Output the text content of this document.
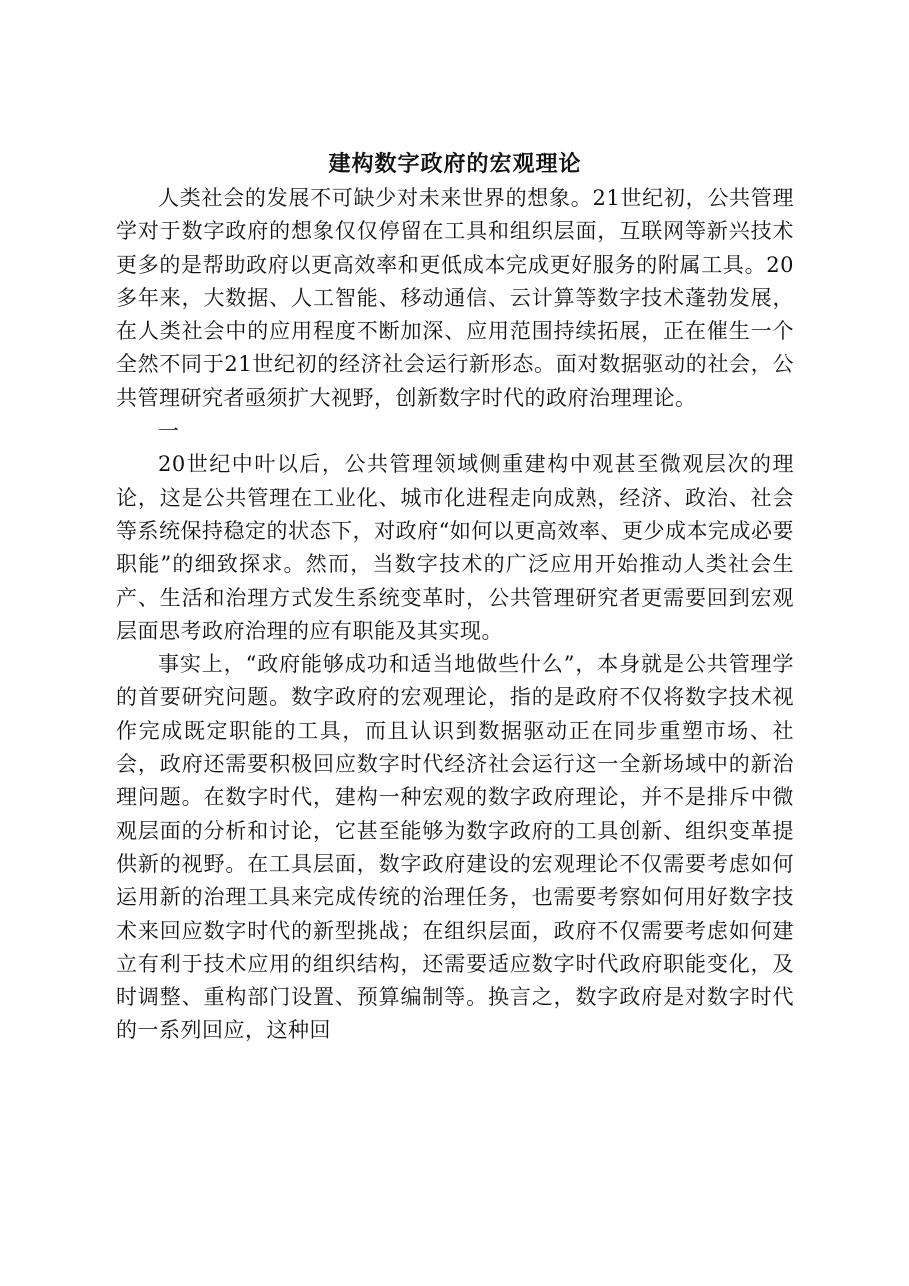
建构数字政府的宏观理论

人类社会的发展不可缺少对未来世界的想象。21世纪初，公共管理学对于数字政府的想象仅仅停留在工具和组织层面，互联网等新兴技术更多的是帮助政府以更高效率和更低成本完成更好服务的附属工具。20多年来，大数据、人工智能、移动通信、云计算等数字技术蓬勃发展，在人类社会中的应用程度不断加深、应用范围持续拓展，正在催生一个全然不同于21世纪初的经济社会运行新形态。面对数据驱动的社会，公共管理研究者亟须扩大视野，创新数字时代的政府治理理论。

一

20世纪中叶以后，公共管理领域侧重建构中观甚至微观层次的理论，这是公共管理在工业化、城市化进程走向成熟，经济、政治、社会等系统保持稳定的状态下，对政府“如何以更高效率、更少成本完成必要职能”的细致探求。然而，当数字技术的广泛应用开始推动人类社会生产、生活和治理方式发生系统变革时，公共管理研究者更需要回到宏观层面思考政府治理的应有职能及其实现。

事实上，“政府能够成功和适当地做些什么”，本身就是公共管理学的首要研究问题。数字政府的宏观理论，指的是政府不仅将数字技术视作完成既定职能的工具，而且认识到数据驱动正在同步重塑市场、社会，政府还需要积极回应数字时代经济社会运行这一全新场域中的新治理问题。在数字时代，建构一种宏观的数字政府理论，并不是排斥中微观层面的分析和讨论，它甚至能够为数字政府的工具创新、组织变革提供新的视野。在工具层面，数字政府建设的宏观理论不仅需要考虑如何运用新的治理工具来完成传统的治理任务，也需要考察如何用好数字技术来回应数字时代的新型挑战；在组织层面，政府不仅需要考虑如何建立有利于技术应用的组织结构，还需要适应数字时代政府职能变化，及时调整、重构部门设置、预算编制等。换言之，数字政府是对数字时代的一系列回应，这种回
